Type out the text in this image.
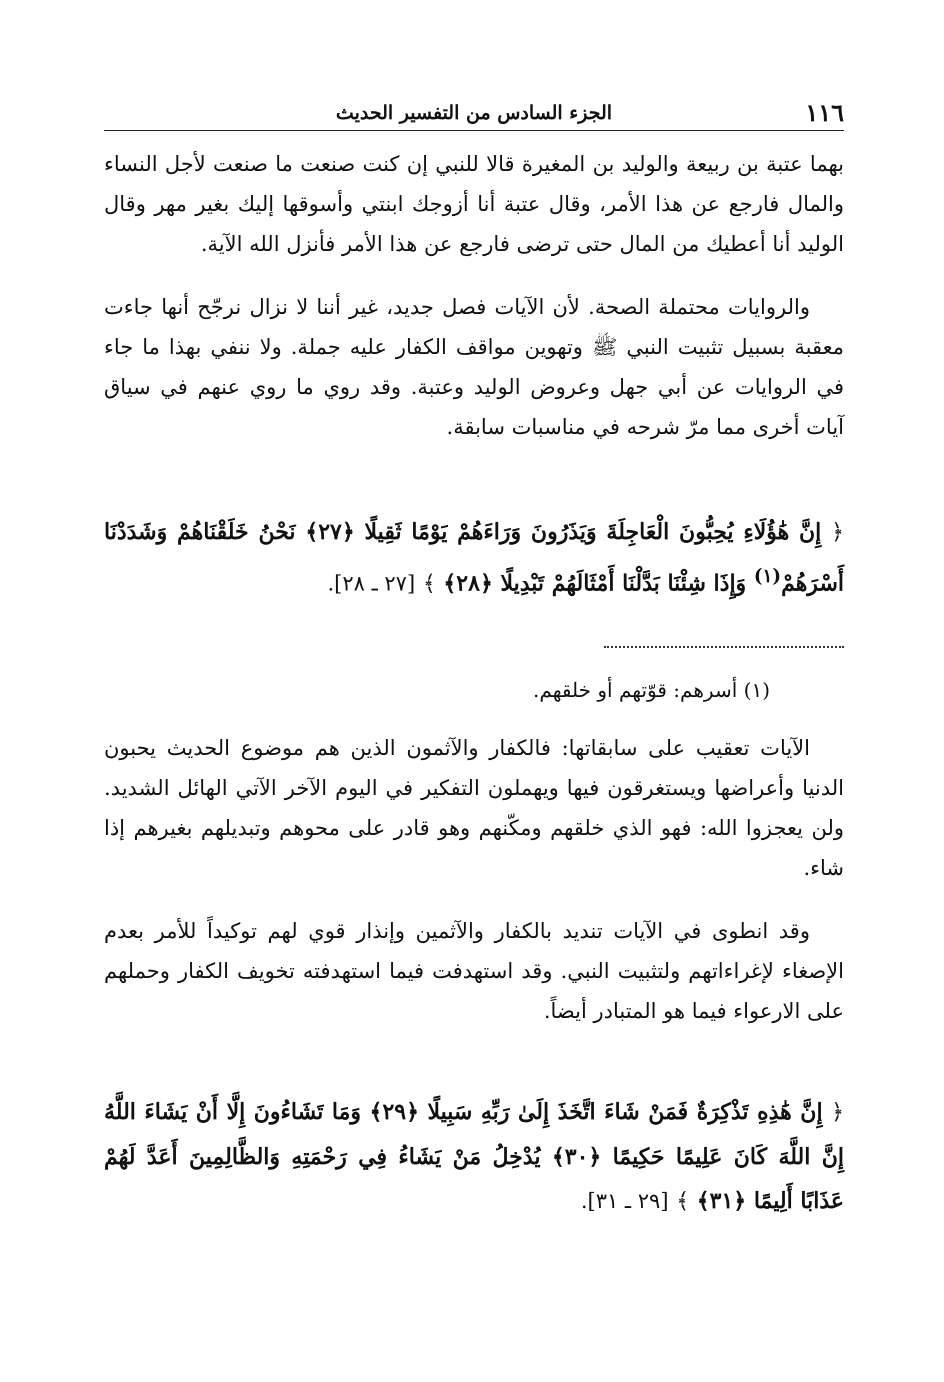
١١٦
الجزء السادس من التفسير الحديث

بهما عتبة بن ربيعة والوليد بن المغيرة قالا للنبي إن كنت صنعت ما صنعت لأجل النساء والمال فارجع عن هذا الأمر، وقال عتبة أنا أزوجك ابنتي وأسوقها إليك بغير مهر وقال الوليد أنا أعطيك من المال حتى ترضى فارجع عن هذا الأمر فأنزل الله الآية.

والروايات محتملة الصحة. لأن الآيات فصل جديد، غير أننا لا نزال نرجّح أنها جاءت معقبة بسبيل تثبيت النبي ﷺ وتهوين مواقف الكفار عليه جملة. ولا ننفي بهذا ما جاء في الروايات عن أبي جهل وعروض الوليد وعتبة. وقد روي ما روي عنهم في سياق آيات أخرى مما مرّ شرحه في مناسبات سابقة.

﴿ إِنَّ هَٰؤُلَاءِ يُحِبُّونَ الْعَاجِلَةَ وَيَذَرُونَ وَرَاءَهُمْ يَوْمًا ثَقِيلًا ﴿٢٧﴾ نَحْنُ خَلَقْنَاهُمْ وَشَدَدْنَا أَسْرَهُمْ$^{(١)}$ وَإِذَا شِئْنَا بَدَّلْنَا أَمْثَالَهُمْ تَبْدِيلًا ﴿٢٨﴾ ﴾ [٢٧ ـ ٢٨].

(١) أسرهم: قوّتهم أو خلقهم.

الآيات تعقيب على سابقاتها: فالكفار والآثمون الذين هم موضوع الحديث يحبون الدنيا وأعراضها ويستغرقون فيها ويهملون التفكير في اليوم الآخر الآتي الهائل الشديد. ولن يعجزوا الله: فهو الذي خلقهم ومكّنهم وهو قادر على محوهم وتبديلهم بغيرهم إذا شاء.

وقد انطوى في الآيات تنديد بالكفار والآثمين وإنذار قوي لهم توكيداً للأمر بعدم الإصغاء لإغراءاتهم ولتثبيت النبي. وقد استهدفت فيما استهدفته تخويف الكفار وحملهم على الارعواء فيما هو المتبادر أيضاً.

﴿ إِنَّ هَٰذِهِ تَذْكِرَةٌ فَمَنْ شَاءَ اتَّخَذَ إِلَىٰ رَبِّهِ سَبِيلًا ﴿٢٩﴾ وَمَا تَشَاءُونَ إِلَّا أَنْ يَشَاءَ اللَّهُ إِنَّ اللَّهَ كَانَ عَلِيمًا حَكِيمًا ﴿٣٠﴾ يُدْخِلُ مَنْ يَشَاءُ فِي رَحْمَتِهِ وَالظَّالِمِينَ أَعَدَّ لَهُمْ عَذَابًا أَلِيمًا ﴿٣١﴾ ﴾ [٢٩ ـ ٣١].
